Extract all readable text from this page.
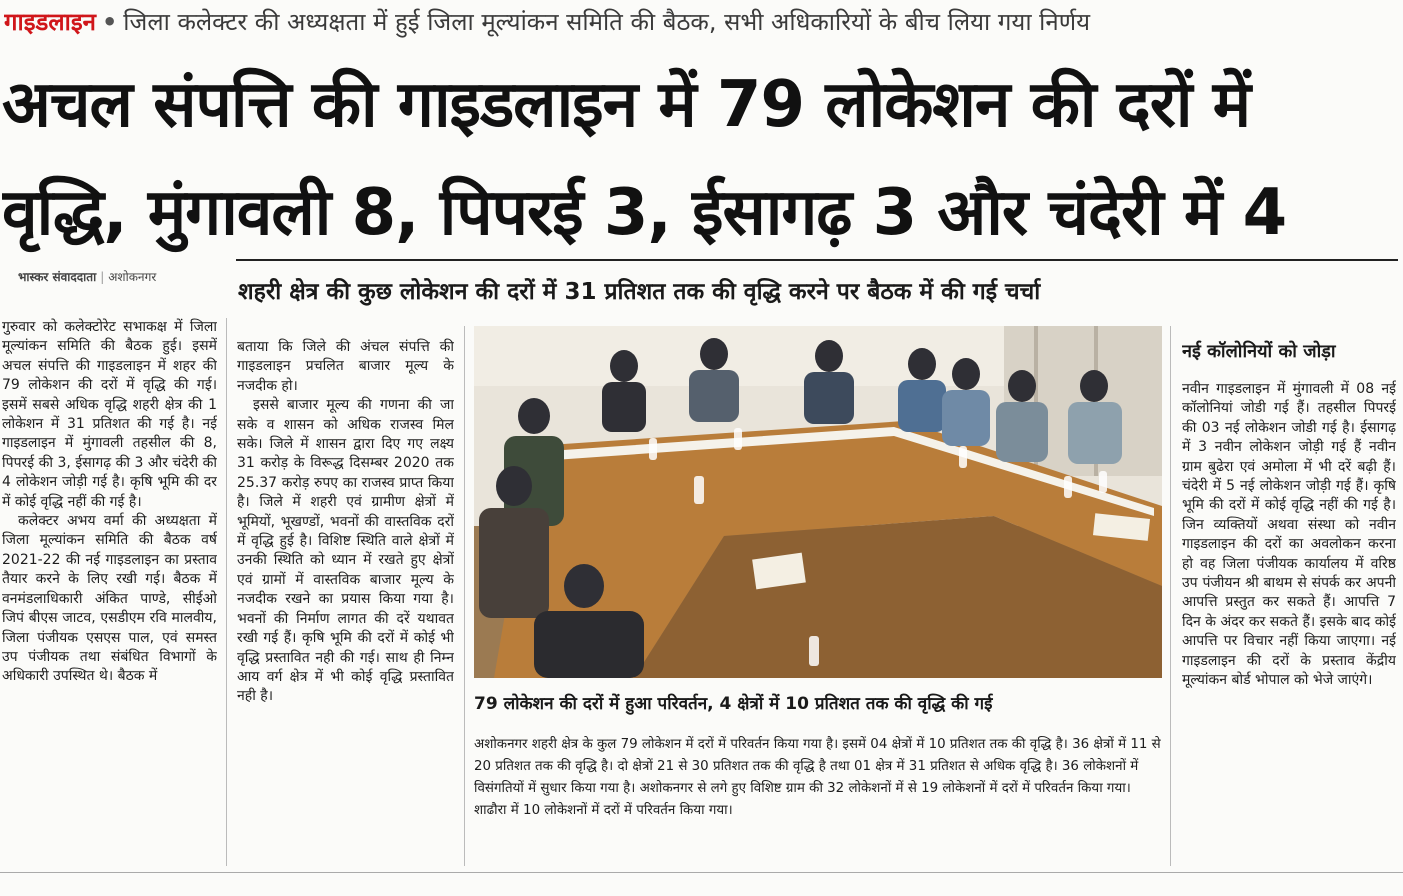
गाइडलाइन • जिला कलेक्टर की अध्यक्षता में हुई जिला मूल्यांकन समिति की बैठक, सभी अधिकारियों के बीच लिया गया निर्णय
अचल संपत्ति की गाइडलाइन में 79 लोकेशन की दरों में
वृद्धि, मुंगावली 8, पिपरई 3, ईसागढ़ 3 और चंदेरी में 4
भास्कर संवाददाता | अशोकनगर
शहरी क्षेत्र की कुछ लोकेशन की दरों में 31 प्रतिशत तक की वृद्धि करने पर बैठक में की गई चर्चा

गुरुवार को कलेक्टोरेट सभाकक्ष में जिला मूल्यांकन समिति की बैठक हुई। इसमें अचल संपत्ति की गाइडलाइन में शहर की 79 लोकेशन की दरों में वृद्धि की गई। इसमें सबसे अधिक वृद्धि शहरी क्षेत्र की 1 लोकेशन में 31 प्रतिशत की गई है। नई गाइडलाइन में मुंगावली तहसील की 8, पिपरई की 3, ईसागढ़ की 3 और चंदेरी की 4 लोकेशन जोड़ी गई है। कृषि भूमि की दर में कोई वृद्धि नहीं की गई है।

कलेक्टर अभय वर्मा की अध्यक्षता में जिला मूल्यांकन समिति की बैठक वर्ष 2021-22 की नई गाइडलाइन का प्रस्ताव तैयार करने के लिए रखी गई। बैठक में वनमंडलाधिकारी अंकित पाण्डे, सीईओ जिपं बीएस जाटव, एसडीएम रवि मालवीय, जिला पंजीयक एसएस पाल, एवं समस्त उप पंजीयक तथा संबंधित विभागों के अधिकारी उपस्थित थे। बैठक में

बताया कि जिले की अंचल संपत्ति की गाइडलाइन प्रचलित बाजार मूल्य के नजदीक हो।

इससे बाजार मूल्य की गणना की जा सके व शासन को अधिक राजस्व मिल सके। जिले में शासन द्वारा दिए गए लक्ष्य 31 करोड़ के विरूद्ध दिसम्बर 2020 तक 25.37 करोड़ रुपए का राजस्व प्राप्त किया है। जिले में शहरी एवं ग्रामीण क्षेत्रों में भूमियों, भूखण्डों, भवनों की वास्तविक दरों में वृद्धि हुई है। विशिष्ट स्थिति वाले क्षेत्रों में उनकी स्थिति को ध्यान में रखते हुए क्षेत्रों एवं ग्रामों में वास्तविक बाजार मूल्य के नजदीक रखने का प्रयास किया गया है। भवनों की निर्माण लागत की दरें यथावत रखी गई हैं। कृषि भूमि की दरों में कोई भी वृद्धि प्रस्तावित नही की गई। साथ ही निम्न आय वर्ग क्षेत्र में भी कोई वृद्धि प्रस्तावित नही है।	79 लोकेशन की दरों में हुआ परिवर्तन, 4 क्षेत्रों में 10 प्रतिशत तक की वृद्धि की गई
अशोकनगर शहरी क्षेत्र के कुल 79 लोकेशन में दरों में परिवर्तन किया गया है। इसमें 04 क्षेत्रों में 10 प्रतिशत तक की वृद्धि है। 36 क्षेत्रों में 11 से 20 प्रतिशत तक की वृद्धि है। दो क्षेत्रों 21 से 30 प्रतिशत तक की वृद्धि है तथा 01 क्षेत्र में 31 प्रतिशत से अधिक वृद्धि है। 36 लोकेशनों में विसंगतियों में सुधार किया गया है। अशोकनगर से लगे हुए विशिष्ट ग्राम की 32 लोकेशनों में से 19 लोकेशनों में दरों में परिवर्तन किया गया। शाढौरा में 10 लोकेशनों में दरों में परिवर्तन किया गया।
नई कॉलोनियों को जोड़ा

नवीन गाइडलाइन में मुंगावली में 08 नई कॉलोनियां जोडी गई हैं। तहसील पिपरई की 03 नई लोकेशन जोडी गई है। ईसागढ़ में 3 नवीन लोकेशन जोड़ी गई हैं नवीन ग्राम बुढेरा एवं अमोला में भी दरें बढ़ी हैं। चंदेरी में 5 नई लोकेशन जोड़ी गई हैं। कृषि भूमि की दरों में कोई वृद्धि नहीं की गई है। जिन व्यक्तियों अथवा संस्था को नवीन गाइडलाइन की दरों का अवलोकन करना हो वह जिला पंजीयक कार्यालय में वरिष्ठ उप पंजीयन श्री बाथम से संपर्क कर अपनी आपत्ति प्रस्तुत कर सकते हैं। आपत्ति 7 दिन के अंदर कर सकते हैं। इसके बाद कोई आपत्ति पर विचार नहीं किया जाएगा। नई गाइडलाइन की दरों के प्रस्ताव केंद्रीय मूल्यांकन बोर्ड भोपाल को भेजे जाएंगे।
